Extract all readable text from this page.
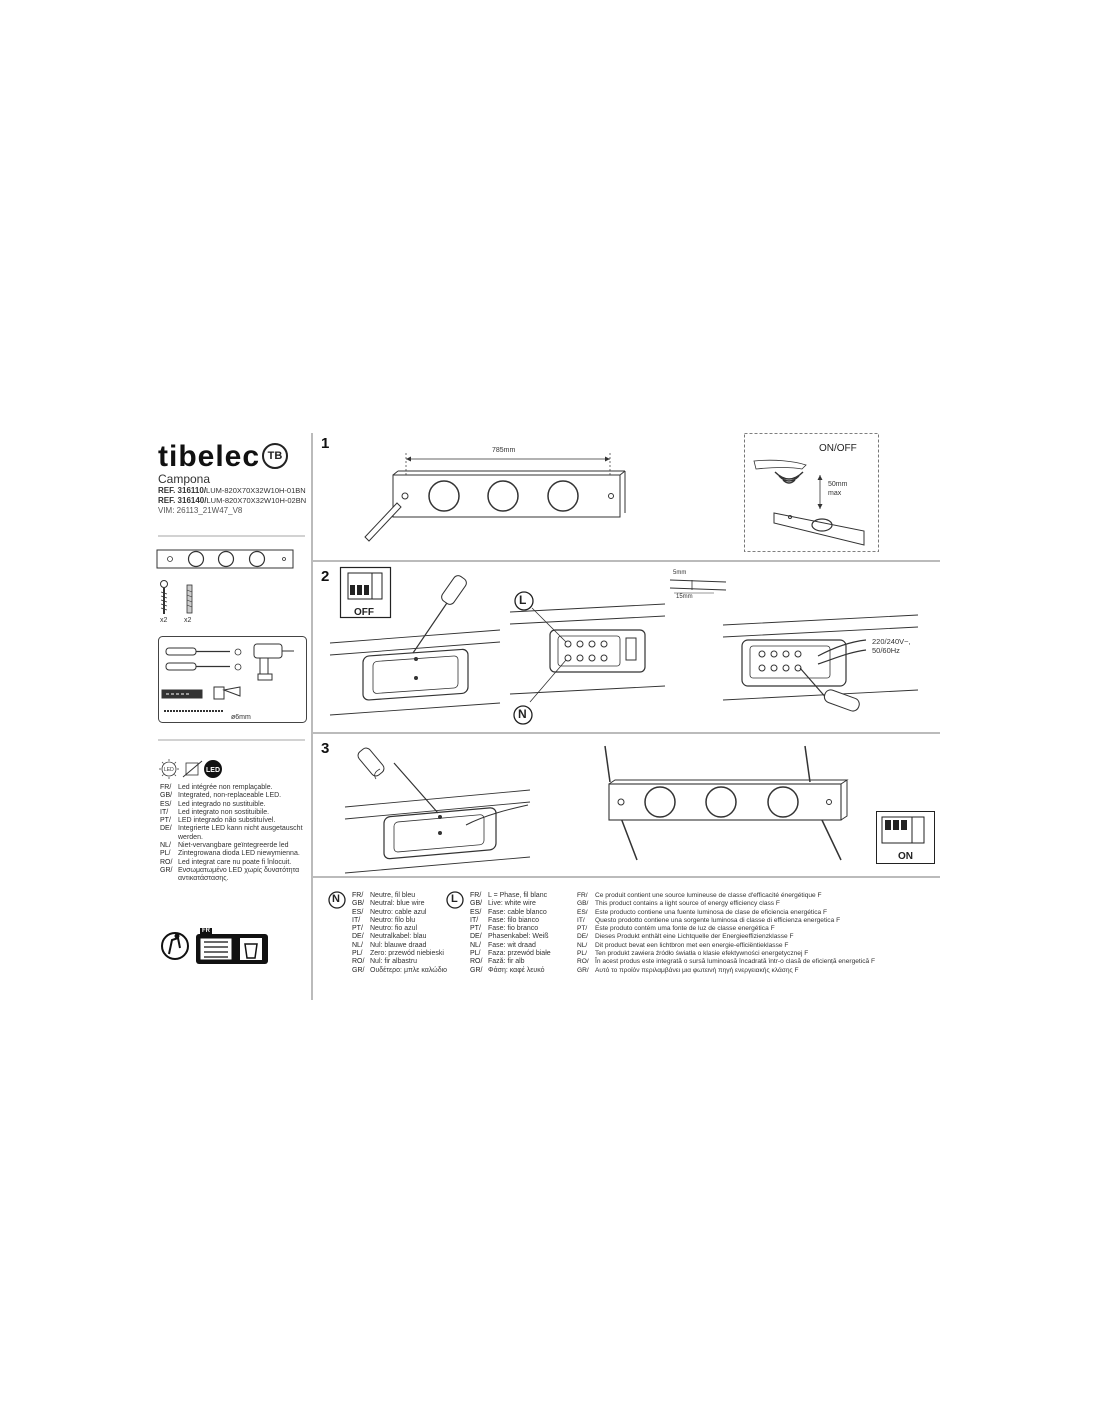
tibelec TB
Campona
REF. 316110/LUM-820X70X32W10H-01BN
REF. 316140/LUM-820X70X32W10H-02BN
VIM: 26113_21W47_V8
x2 x2
ø6mm
LED	LED
FR/ Led intégrée non remplaçable.
GB/ Integrated, non-replaceable LED.
ES/ Led integrado no sustituible.
IT/ Led integrato non sostituibile.
PT/ LED integrado não substituível.
DE/ Integrierte LED kann nicht ausgetauscht
werden.
NL/ Niet-vervangbare geïntegreerde led
PL/ Zintegrowana dioda LED niewymienna.
RO/ Led integrat care nu poate fi înlocuit.
GR/ Ενσωματωμένο LED χωρίς δυνατότητα
αντικατάστασης.
FR
1	785mm	ON/OFF
50mm
max
2
OFF
5mm
15mm
L
N
220/240V~,
50/60Hz
3
ON
N FR/ Neutre, fil bleu
GB/ Neutral: blue wire
ES/ Neutro: cable azul
IT/ Neutro: filo blu
PT/ Neutro: fio azul
DE/ Neutralkabel: blau
NL/ Nul: blauwe draad
PL/ Zero: przewód niebieski
RO/ Nul: fir albastru
GR/ Ουδέτερο: μπλε καλώδιο
L FR/ L = Phase, fil blanc
GB/ Live: white wire
ES/ Fase: cable blanco
IT/ Fase: filo bianco
PT/ Fase: fio branco
DE/ Phasenkabel: Weiß
NL/ Fase: wit draad
PL/ Faza: przewód białe
RO/ Fază: fir alb
GR/ Φάση: καφέ λευκό
FR/ Ce produit contient une source lumineuse de classe d'efficacité énergétique F
GB/ This product contains a light source of energy efficiency class F
ES/ Este producto contiene una fuente luminosa de clase de eficiencia energética F
IT/ Questo prodotto contiene una sorgente luminosa di classe di efficienza energetica F
PT/ Este produto contém uma fonte de luz de classe energética F
DE/ Dieses Produkt enthält eine Lichtquelle der Energieeffizienzklasse F
NL/ Dit product bevat een lichtbron met een energie-efficiëntieklasse F
PL/ Ten produkt zawiera źródło światła o klasie efektywności energetycznej F
RO/ În acest produs este integrată o sursă luminoasă încadrată într-o clasă de eficiență energetică F
GR/ Αυτό το προϊόν περιλαμβάνει μια φωτεινή πηγή ενεργειακής κλάσης F
